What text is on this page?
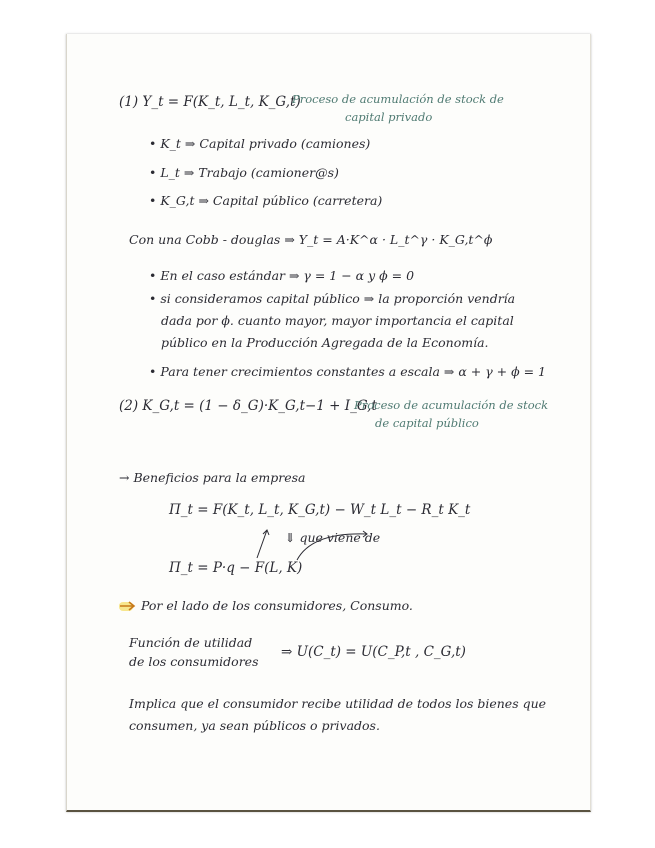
(1) Y_t = F(K_t, L_t, K_G,t)
Proceso de acumulación de stock de
capital privado
• K_t ⇒ Capital privado (camiones)
• L_t ⇒ Trabajo (camioner@s)
• K_G,t ⇒ Capital público (carretera)
Con una Cobb - douglas ⇒ Y_t = A·K^α · L_t^γ · K_G,t^ϕ
• En el caso estándar ⇒ γ = 1 − α y ϕ = 0
• si consideramos capital público ⇒ la proporción vendría
dada por ϕ. cuanto mayor, mayor importancia el capital
público en la Producción Agregada de la Economía.
• Para tener crecimientos constantes a escala ⇒ α + γ + ϕ = 1
(2) K_G,t = (1 − δ_G)·K_G,t−1 + I_G,t
Proceso de acumulación de stock
de capital público
→ Beneficios para la empresa
Π_t = F(K_t, L_t, K_G,t) − W_t L_t − R_t K_t
⇓ que viene de
Π_t = P·q − F(L, K)
Por el lado de los consumidores, Consumo.
Función de utilidad
de los consumidores
⇒ U(C_t) = U(C_P,t , C_G,t)
Implica que el consumidor recibe utilidad de todos los bienes que
consumen, ya sean públicos o privados.
